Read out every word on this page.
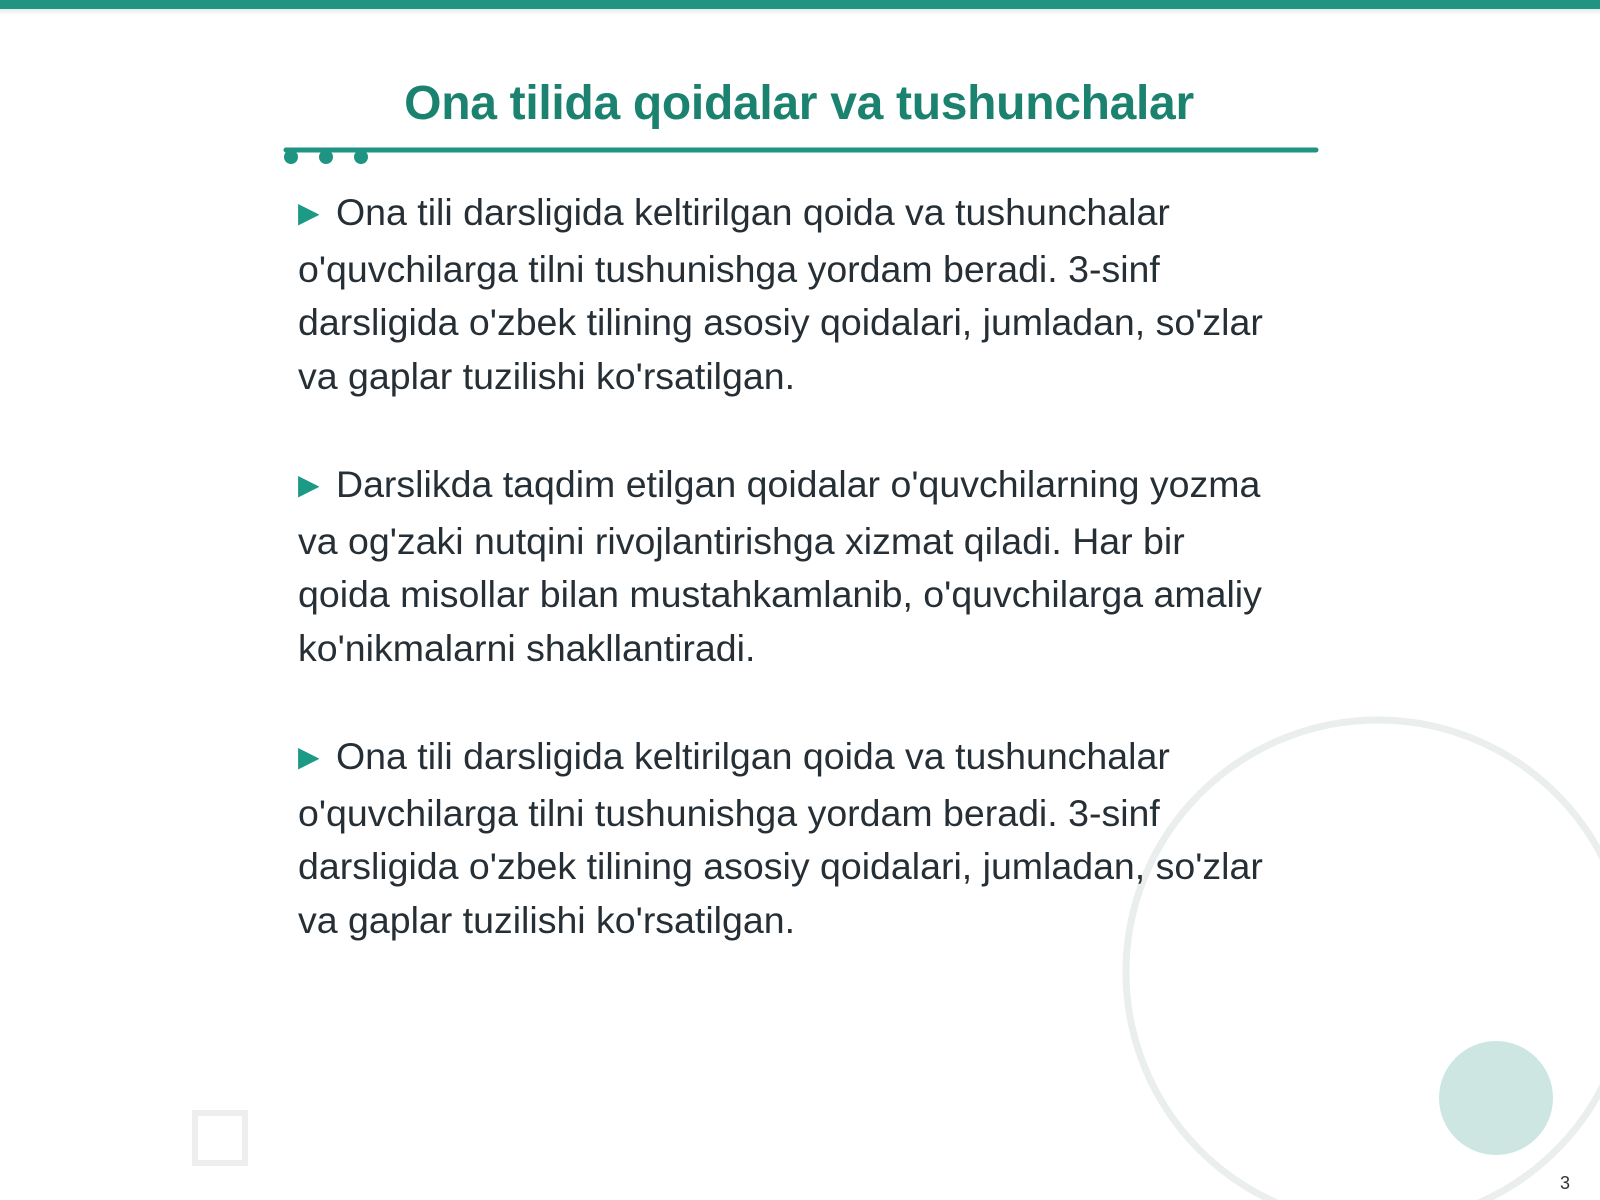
Ona tilida qoidalar va tushunchalar

▶ Ona tili darsligida keltirilgan qoida va tushunchalar o'quvchilarga tilni tushunishga yordam beradi. 3-sinf darsligida o'zbek tilining asosiy qoidalari, jumladan, so'zlar va gaplar tuzilishi ko'rsatilgan.

▶ Darslikda taqdim etilgan qoidalar o'quvchilarning yozma va og'zaki nutqini rivojlantirishga xizmat qiladi. Har bir qoida misollar bilan mustahkamlanib, o'quvchilarga amaliy ko'nikmalarni shakllantiradi.

▶ Ona tili darsligida keltirilgan qoida va tushunchalar o'quvchilarga tilni tushunishga yordam beradi. 3-sinf darsligida o'zbek tilining asosiy qoidalari, jumladan, so'zlar va gaplar tuzilishi ko'rsatilgan.

3
